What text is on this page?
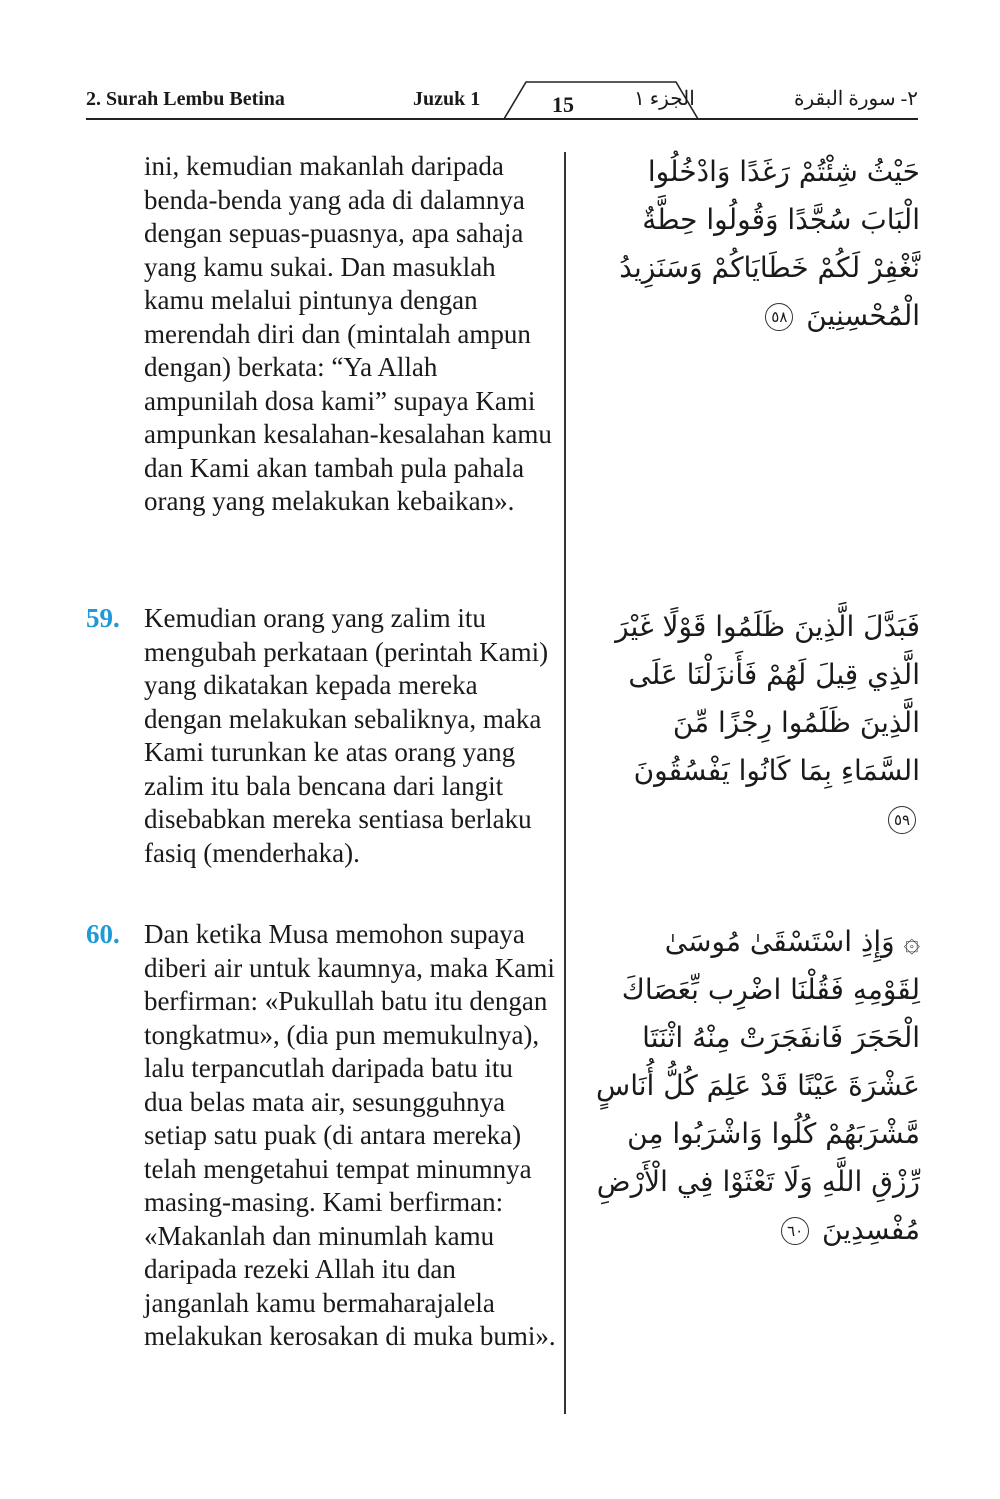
2. Surah Lembu Betina	Juzuk 1	15	الجزء ١	٢- سورة البقرة
ini, kemudian makanlah daripada benda-benda yang ada di dalamnya dengan sepuas-puasnya, apa sahaja yang kamu sukai. Dan masuklah kamu melalui pintunya dengan merendah diri dan (mintalah ampun dengan) berkata: “Ya Allah ampunilah dosa kami” supaya Kami ampunkan kesalahan-kesalahan kamu dan Kami akan tambah pula pahala orang yang melakukan kebaikan».
59. Kemudian orang yang zalim itu mengubah perkataan (perintah Kami) yang dikatakan kepada mereka dengan melakukan sebaliknya, maka Kami turunkan ke atas orang yang zalim itu bala bencana dari langit disebabkan mereka sentiasa berlaku fasiq (menderhaka).
60. Dan ketika Musa memohon supaya diberi air untuk kaumnya, maka Kami berfirman: «Pukullah batu itu dengan tongkatmu», (dia pun memukulnya), lalu terpancutlah daripada batu itu dua belas mata air, sesungguhnya setiap satu puak (di antara mereka) telah mengetahui tempat minumnya masing-masing. Kami berfirman: «Makanlah dan minumlah kamu daripada rezeki Allah itu dan janganlah kamu bermaharajalela melakukan kerosakan di muka bumi».
حَيْثُ شِئْتُمْ رَغَدًا وَادْخُلُوا الْبَابَ سُجَّدًا وَقُولُوا حِطَّةٌ نَّغْفِرْ لَكُمْ خَطَايَاكُمْ وَسَنَزِيدُ الْمُحْسِنِينَ ٥٨
فَبَدَّلَ الَّذِينَ ظَلَمُوا قَوْلًا غَيْرَ الَّذِي قِيلَ لَهُمْ فَأَنزَلْنَا عَلَى الَّذِينَ ظَلَمُوا رِجْزًا مِّنَ السَّمَاءِ بِمَا كَانُوا يَفْسُقُونَ ٥٩
۞ وَإِذِ اسْتَسْقَىٰ مُوسَىٰ لِقَوْمِهِ فَقُلْنَا اضْرِب بِّعَصَاكَ الْحَجَرَ فَانفَجَرَتْ مِنْهُ اثْنَتَا عَشْرَةَ عَيْنًا قَدْ عَلِمَ كُلُّ أُنَاسٍ مَّشْرَبَهُمْ كُلُوا وَاشْرَبُوا مِن رِّزْقِ اللَّهِ وَلَا تَعْثَوْا فِي الْأَرْضِ مُفْسِدِينَ ٦٠
